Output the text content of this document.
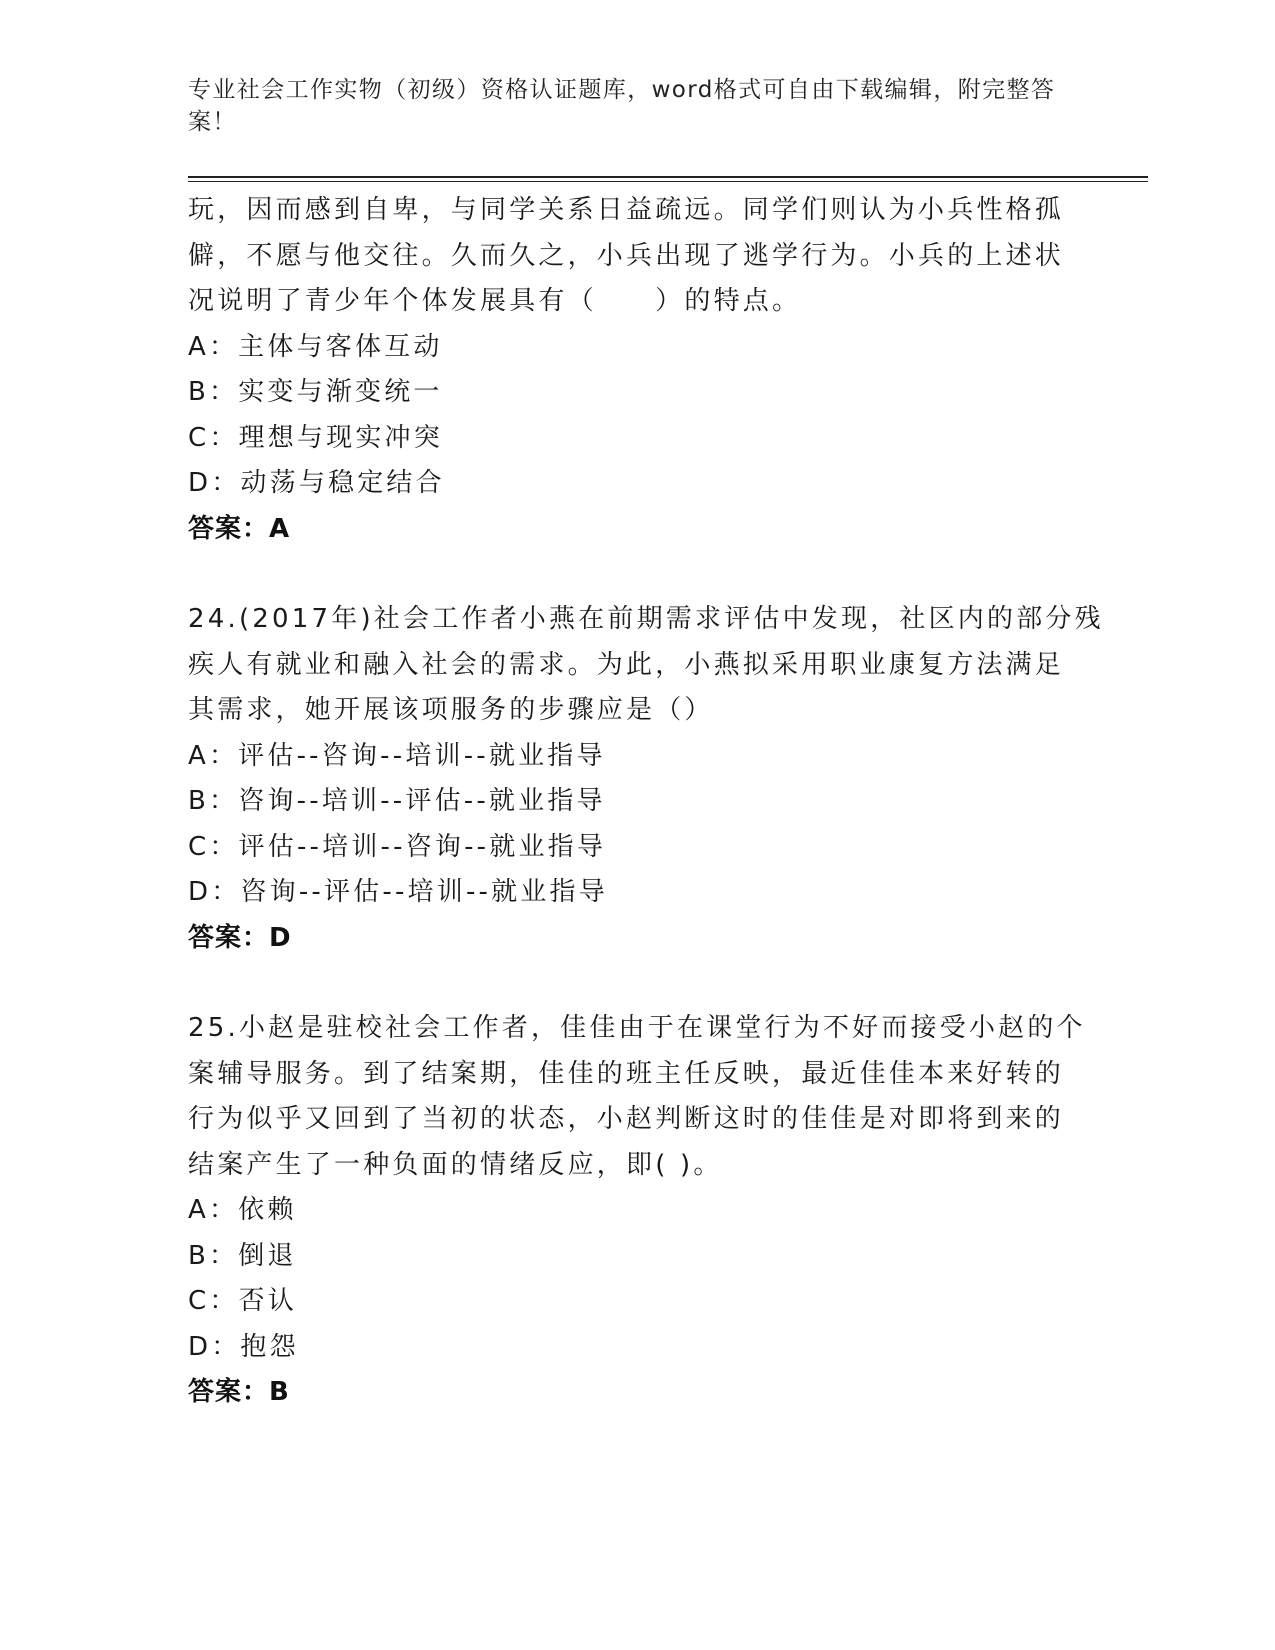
专业社会工作实物（初级）资格认证题库，word格式可自由下载编辑，附完整答
案！
玩，因而感到自卑，与同学关系日益疏远。同学们则认为小兵性格孤
僻，不愿与他交往。久而久之，小兵出现了逃学行为。小兵的上述状
况说明了青少年个体发展具有（　　）的特点。
A：主体与客体互动
B：实变与渐变统一
C：理想与现实冲突
D：动荡与稳定结合
答案：A
24.(2017年)社会工作者小燕在前期需求评估中发现，社区内的部分残
疾人有就业和融入社会的需求。为此，小燕拟采用职业康复方法满足
其需求，她开展该项服务的步骤应是（）
A：评估--咨询--培训--就业指导
B：咨询--培训--评估--就业指导
C：评估--培训--咨询--就业指导
D：咨询--评估--培训--就业指导
答案：D
25.小赵是驻校社会工作者，佳佳由于在课堂行为不好而接受小赵的个
案辅导服务。到了结案期，佳佳的班主任反映，最近佳佳本来好转的
行为似乎又回到了当初的状态，小赵判断这时的佳佳是对即将到来的
结案产生了一种负面的情绪反应，即( )。
A：依赖
B：倒退
C：否认
D：抱怨
答案：B
